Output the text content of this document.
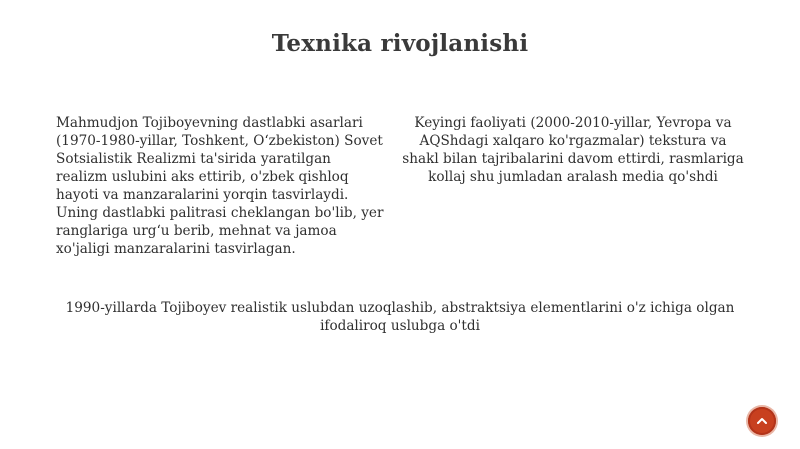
Texnika rivojlanishi
Mahmudjon Tojiboyevning dastlabki asarlari (1970-1980-yillar, Toshkent, O‘zbekiston) Sovet Sotsialistik Realizmi ta'sirida yaratilgan realizm uslubini aks ettirib, o'zbek qishloq hayoti va manzaralarini yorqin tasvirlaydi. Uning dastlabki palitrasi cheklangan bo'lib, yer ranglariga urg‘u berib, mehnat va jamoa xo'jaligi manzaralarini tasvirlagan.
Keyingi faoliyati (2000-2010-yillar, Yevropa va AQShdagi xalqaro ko'rgazmalar) tekstura va shakl bilan tajribalarini davom ettirdi, rasmlariga kollaj shu jumladan aralash media qo'shdi
1990-yillarda Tojiboyev realistik uslubdan uzoqlashib, abstraktsiya elementlarini o'z ichiga olgan ifodaliroq uslubga o'tdi
